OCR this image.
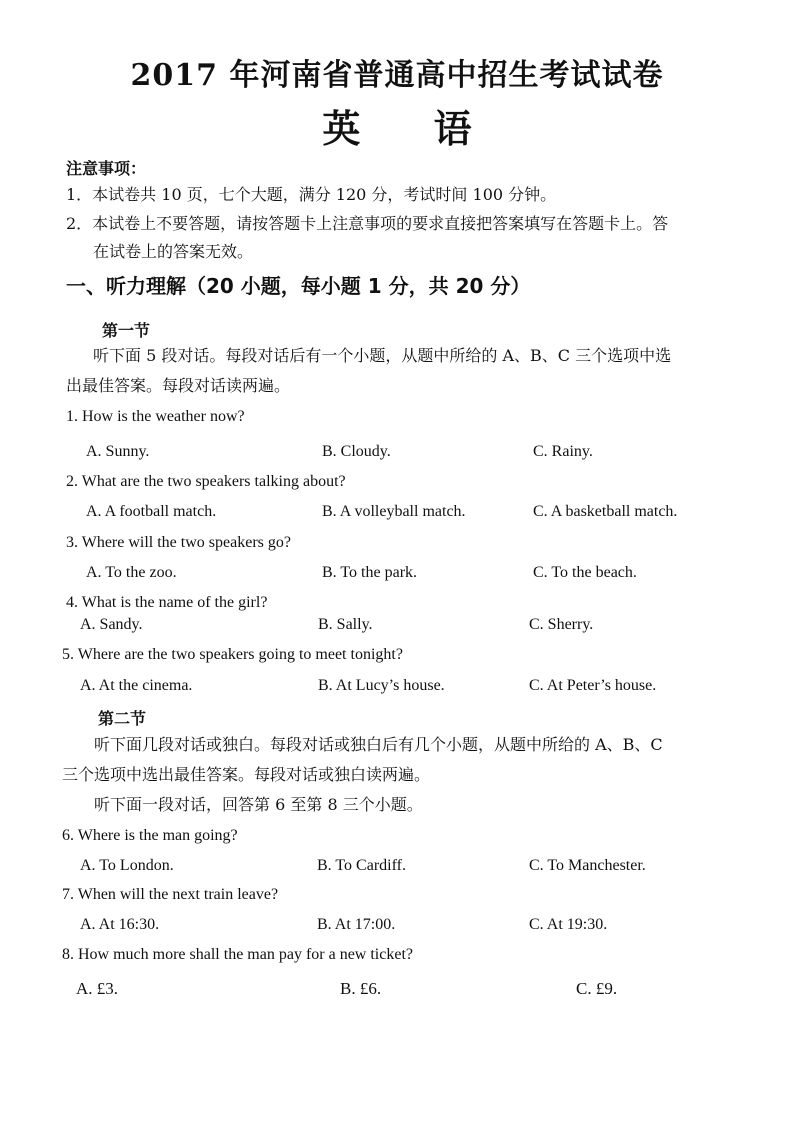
2017 年河南省普通高中招生考试试卷
英 语
注意事项：
1．本试卷共 10 页，七个大题，满分 120 分，考试时间 100 分钟。
2．本试卷上不要答题，请按答题卡上注意事项的要求直接把答案填写在答题卡上。答
在试卷上的答案无效。
一、听力理解（20 小题，每小题 1 分，共 20 分）
第一节
听下面 5 段对话。每段对话后有一个小题，从题中所给的 A、B、C 三个选项中选
出最佳答案。每段对话读两遍。
1. How is the weather now?
A. Sunny.	B. Cloudy.	C. Rainy.
2. What are the two speakers talking about?
A. A football match.	B. A volleyball match.	C. A basketball match.
3. Where will the two speakers go?
A. To the zoo.	B. To the park.	C. To the beach.
4. What is the name of the girl?
A. Sandy.	B. Sally.	C. Sherry.
5. Where are the two speakers going to meet tonight?
A. At the cinema.	B. At Lucy’s house.	C. At Peter’s house.
第二节
听下面几段对话或独白。每段对话或独白后有几个小题，从题中所给的 A、B、C
三个选项中选出最佳答案。每段对话或独白读两遍。
听下面一段对话，回答第 6 至第 8 三个小题。
6. Where is the man going?
A. To London.	B. To Cardiff.	C. To Manchester.
7. When will the next train leave?
A. At 16:30.	B. At 17:00.	C. At 19:30.
8. How much more shall the man pay for a new ticket?
A. £3.	B. £6.	C. £9.
